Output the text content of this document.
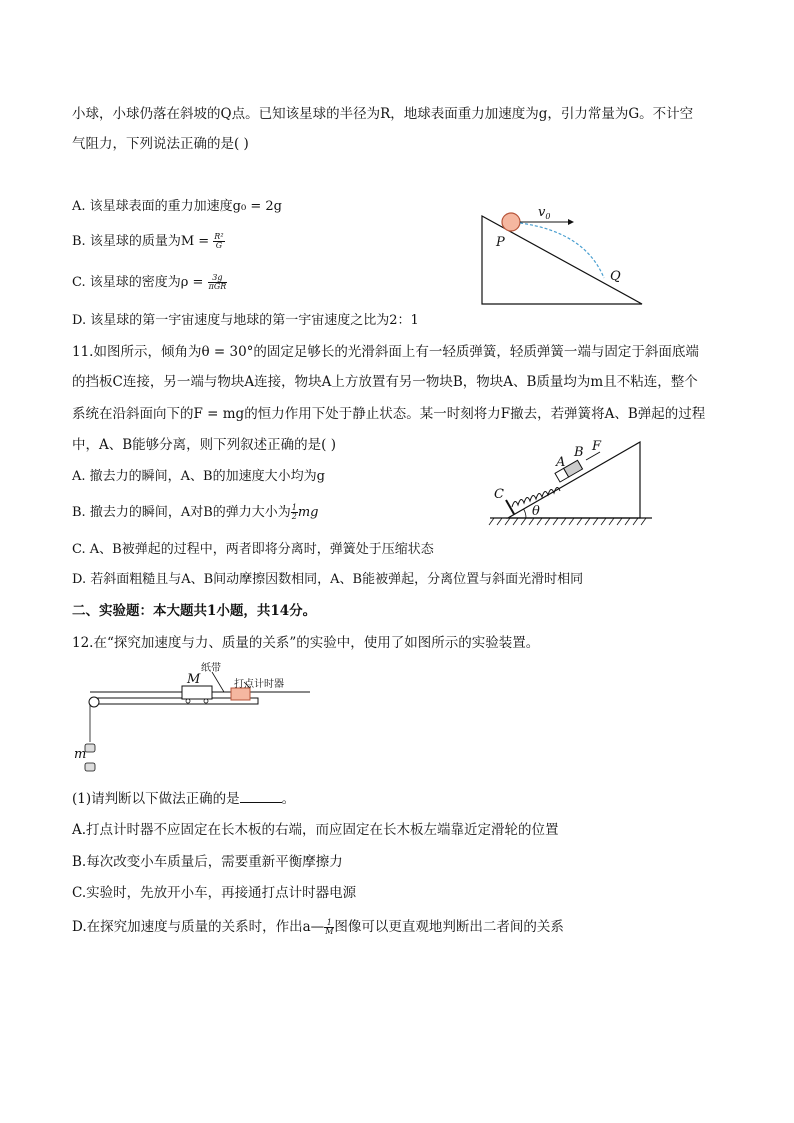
小球，小球仍落在斜坡的Q点。已知该星球的半径为R，地球表面重力加速度为g，引力常量为G。不计空
气阻力，下列说法正确的是( )
A. 该星球表面的重力加速度g₀ = 2g
B. 该星球的质量为$M = \frac{\text{R²}}{G}$
C. 该星球的密度为$\rho = \frac{3g}{\text{πGR}}$
D. 该星球的第一宇宙速度与地球的第一宇宙速度之比为2：1
$v_0$
P
Q
11.如图所示，倾角为θ = 30°的固定足够长的光滑斜面上有一轻质弹簧，轻质弹簧一端与固定于斜面底端
的挡板C连接，另一端与物块A连接，物块A上方放置有另一物块B，物块A、B质量均为m且不粘连，整个
系统在沿斜面向下的F = mg的恒力作用下处于静止状态。某一时刻将力F撤去，若弹簧将A、B弹起的过程
中，A、B能够分离，则下列叙述正确的是( )
A. 撤去力的瞬间，A、B的加速度大小均为g
B. 撤去力的瞬间，A对B的弹力大小为 $\frac{1}{2}$ mg
C. A、B被弹起的过程中，两者即将分离时，弹簧处于压缩状态
D. 若斜面粗糙且与A、B间动摩擦因数相同，A、B能被弹起，分离位置与斜面光滑时相同
A
B F
C
θ
二、实验题：本大题共1小题，共14分。
12.在“探究加速度与力、质量的关系”的实验中，使用了如图所示的实验装置。
纸带
打点计时器
M
m
(1)请判断以下做法正确的是	。
A.打点计时器不应固定在长木板的右端，而应固定在长木板左端靠近定滑轮的位置
B.每次改变小车质量后，需要重新平衡摩擦力
C.实验时，先放开小车，再接通打点计时器电源
D.在探究加速度与质量的关系时，作出a— $\frac{1}{M}$ 图像可以更直观地判断出二者间的关系
